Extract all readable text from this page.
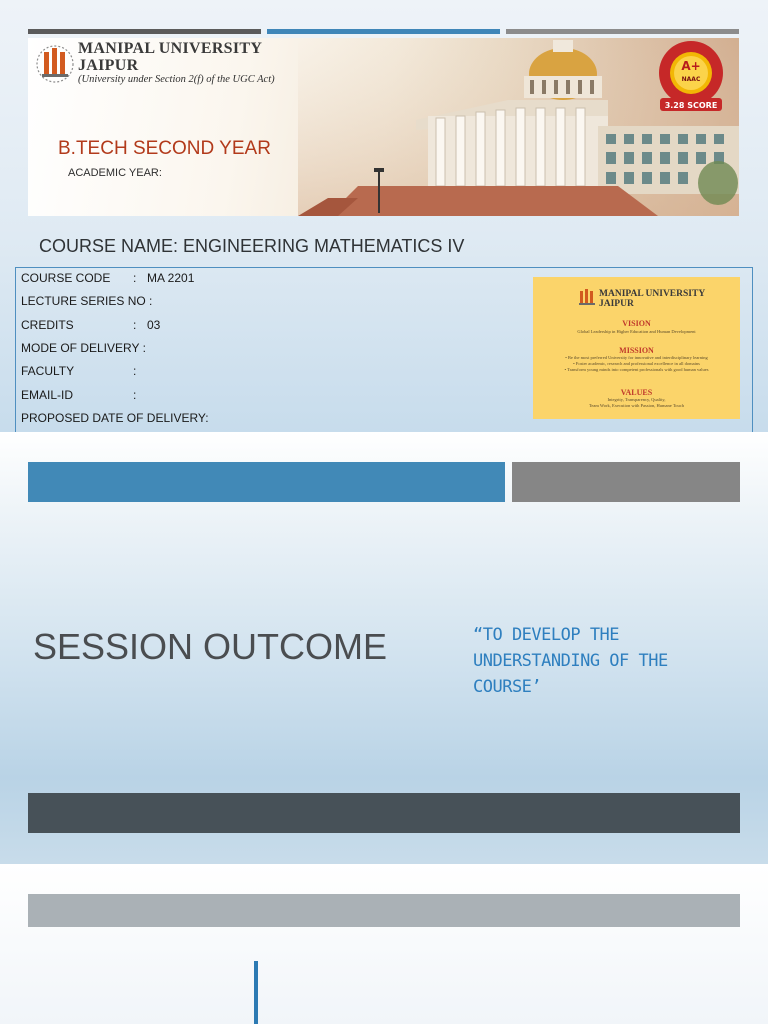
MANIPAL UNIVERSITY
JAIPUR
(University under Section 2(f) of the UGC Act)
B.TECH SECOND YEAR
ACADEMIC YEAR:
A+
NAAC
3.28 SCORE
COURSE NAME: ENGINEERING MATHEMATICS IV
COURSE CODE : MA 2201
LECTURE SERIES NO :
CREDITS	: 03
MODE OF DELIVERY :
FACULTY	:
EMAIL-ID	:
PROPOSED DATE OF DELIVERY:
MANIPAL UNIVERSITY
JAIPUR
VISION
Global Leadership in Higher Education and Human Development
MISSION
• Be the most preferred University for innovative and interdisciplinary learning
• Foster academic, research and professional excellence in all domains
• Transform young minds into competent professionals with good human values
VALUES
Integrity, Transparency, Quality,
Team Work, Execution with Passion, Humane Touch
SESSION OUTCOME	“TO DEVELOP THE UNDERSTANDING OF THE COURSE’
